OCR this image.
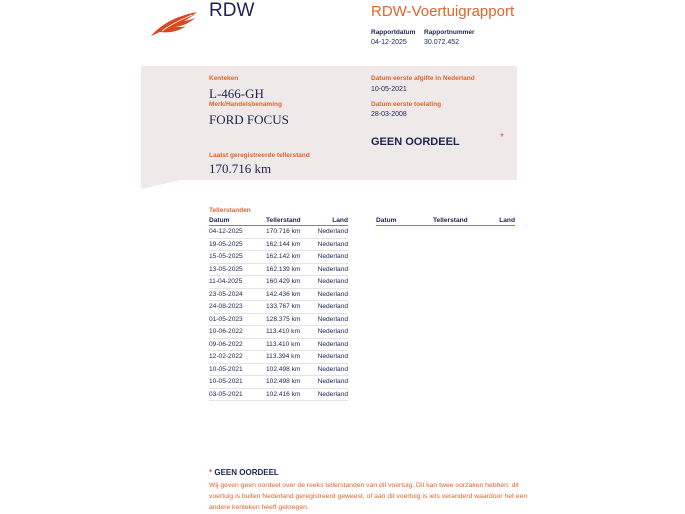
RDW	RDW-Voertuigrapport
Rapportdatum
04-12-2025
Rapportnummer
30.072.452
Kenteken
L-466-GH
Merk/Handelsbenaming
FORD FOCUS
Datum eerste afgifte in Nederland
10-05-2021
Datum eerste toelating
28-03-2008
GEEN OORDEEL	*
Laatst geregistreerde tellerstand
170.716 km
Tellerstanden
Datum	Tellerstand	Land
04-12-2025	170.716 km	Nederland
19-05-2025	162.144 km	Nederland
15-05-2025	162.142 km	Nederland
13-05-2025	162.139 km	Nederland
11-04-2025	160.429 km	Nederland
23-05-2024	142.436 km	Nederland
24-08-2023	133.767 km	Nederland
01-05-2023	128.375 km	Nederland
10-06-2022	113.410 km	Nederland
09-06-2022	113.410 km	Nederland
12-02-2022	113.394 km	Nederland
10-05-2021	102.498 km	Nederland
10-05-2021	102.498 km	Nederland
03-05-2021	102.416 km	Nederland
Datum	Tellerstand	Land
* GEEN OORDEEL
Wij geven geen oordeel over de reeks tellerstanden van dit voertuig. Dit kan twee oorzaken hebben: dit voertuig is buiten Nederland geregistreerd geweest, of aan dit voertuig is iets veranderd waardoor het een andere kenteken heeft gekregen.
